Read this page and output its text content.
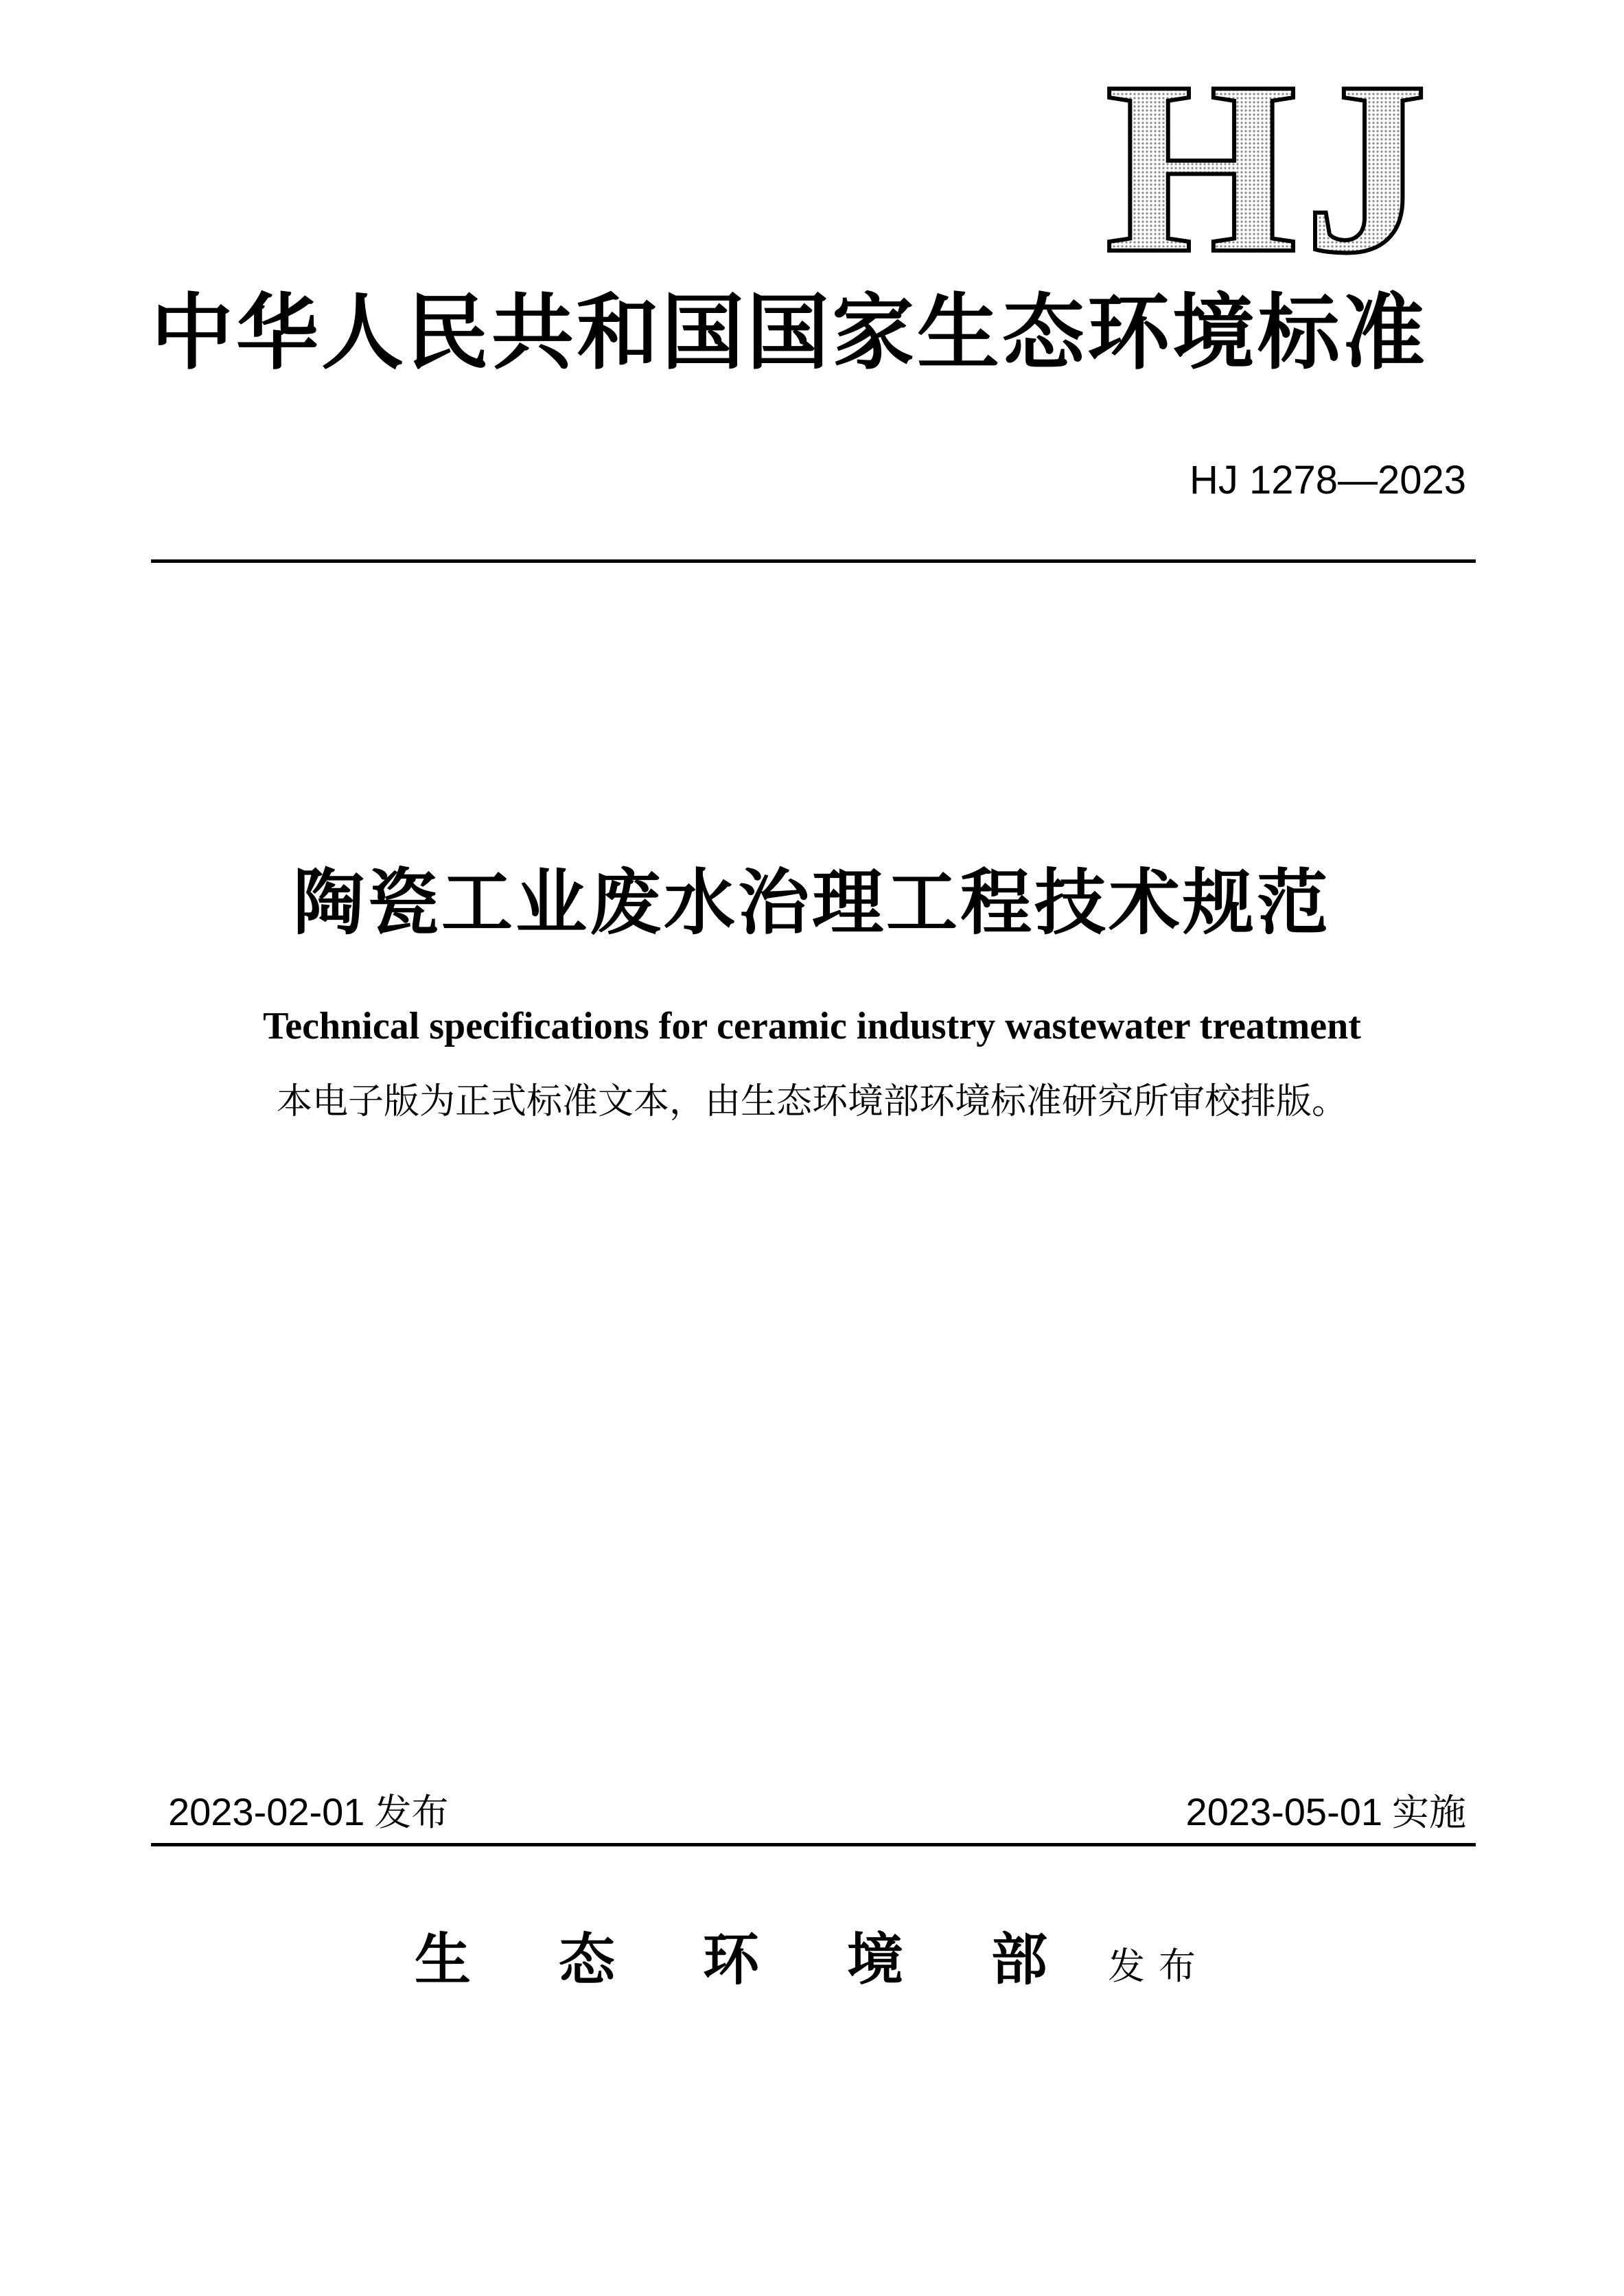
HJ
中华人民共和国国家生态环境标准
HJ 1278—2023
陶瓷工业废水治理工程技术规范
Technical specifications for ceramic industry wastewater treatment
本电子版为正式标准文本，由生态环境部环境标准研究所审校排版。
2023-02-01 发布	2023-05-01 实施
生态环境部发布
